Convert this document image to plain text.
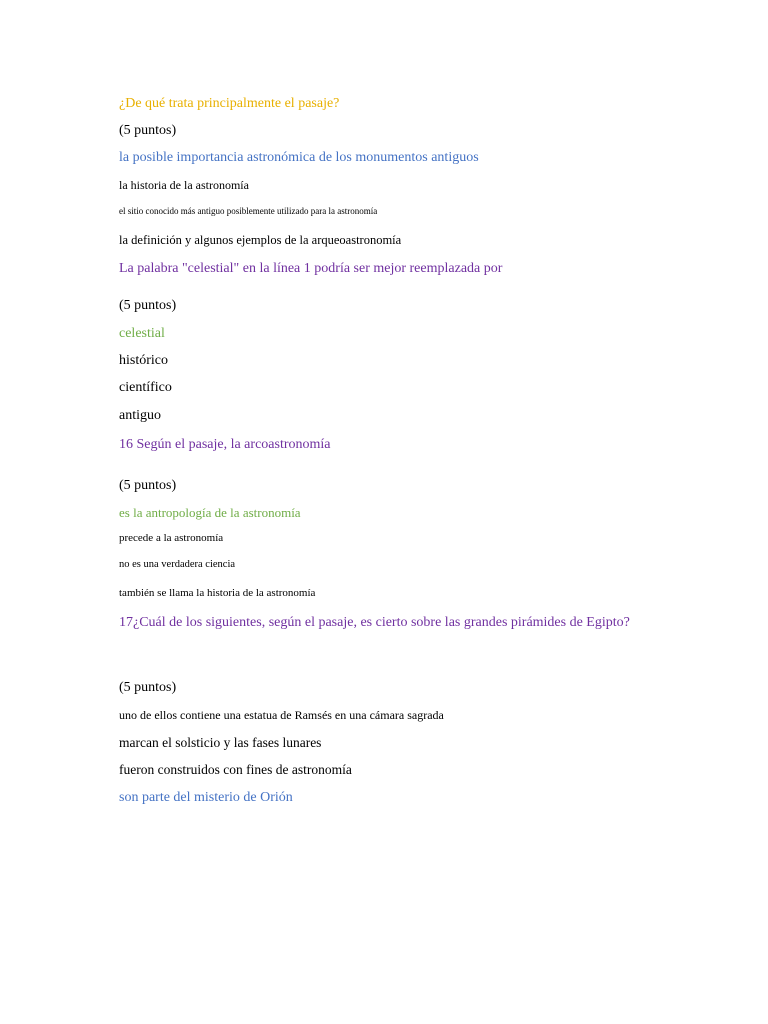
¿De qué trata principalmente el pasaje?
(5 puntos)
la posible importancia astronómica de los monumentos antiguos
la historia de la astronomía
el sitio conocido más antiguo posiblemente utilizado para la astronomía
la definición y algunos ejemplos de la arqueoastronomía
La palabra "celestial" en la línea 1 podría ser mejor reemplazada por
(5 puntos)
celestial
histórico
científico
antiguo
16 Según el pasaje, la arcoastronomía
(5 puntos)
es la antropología de la astronomía
precede a la astronomía
no es una verdadera ciencia
también se llama la historia de la astronomía
17¿Cuál de los siguientes, según el pasaje, es cierto sobre las grandes pirámides de Egipto?
(5 puntos)
uno de ellos contiene una estatua de Ramsés en una cámara sagrada
marcan el solsticio y las fases lunares
fueron construidos con fines de astronomía
son parte del misterio de Orión
